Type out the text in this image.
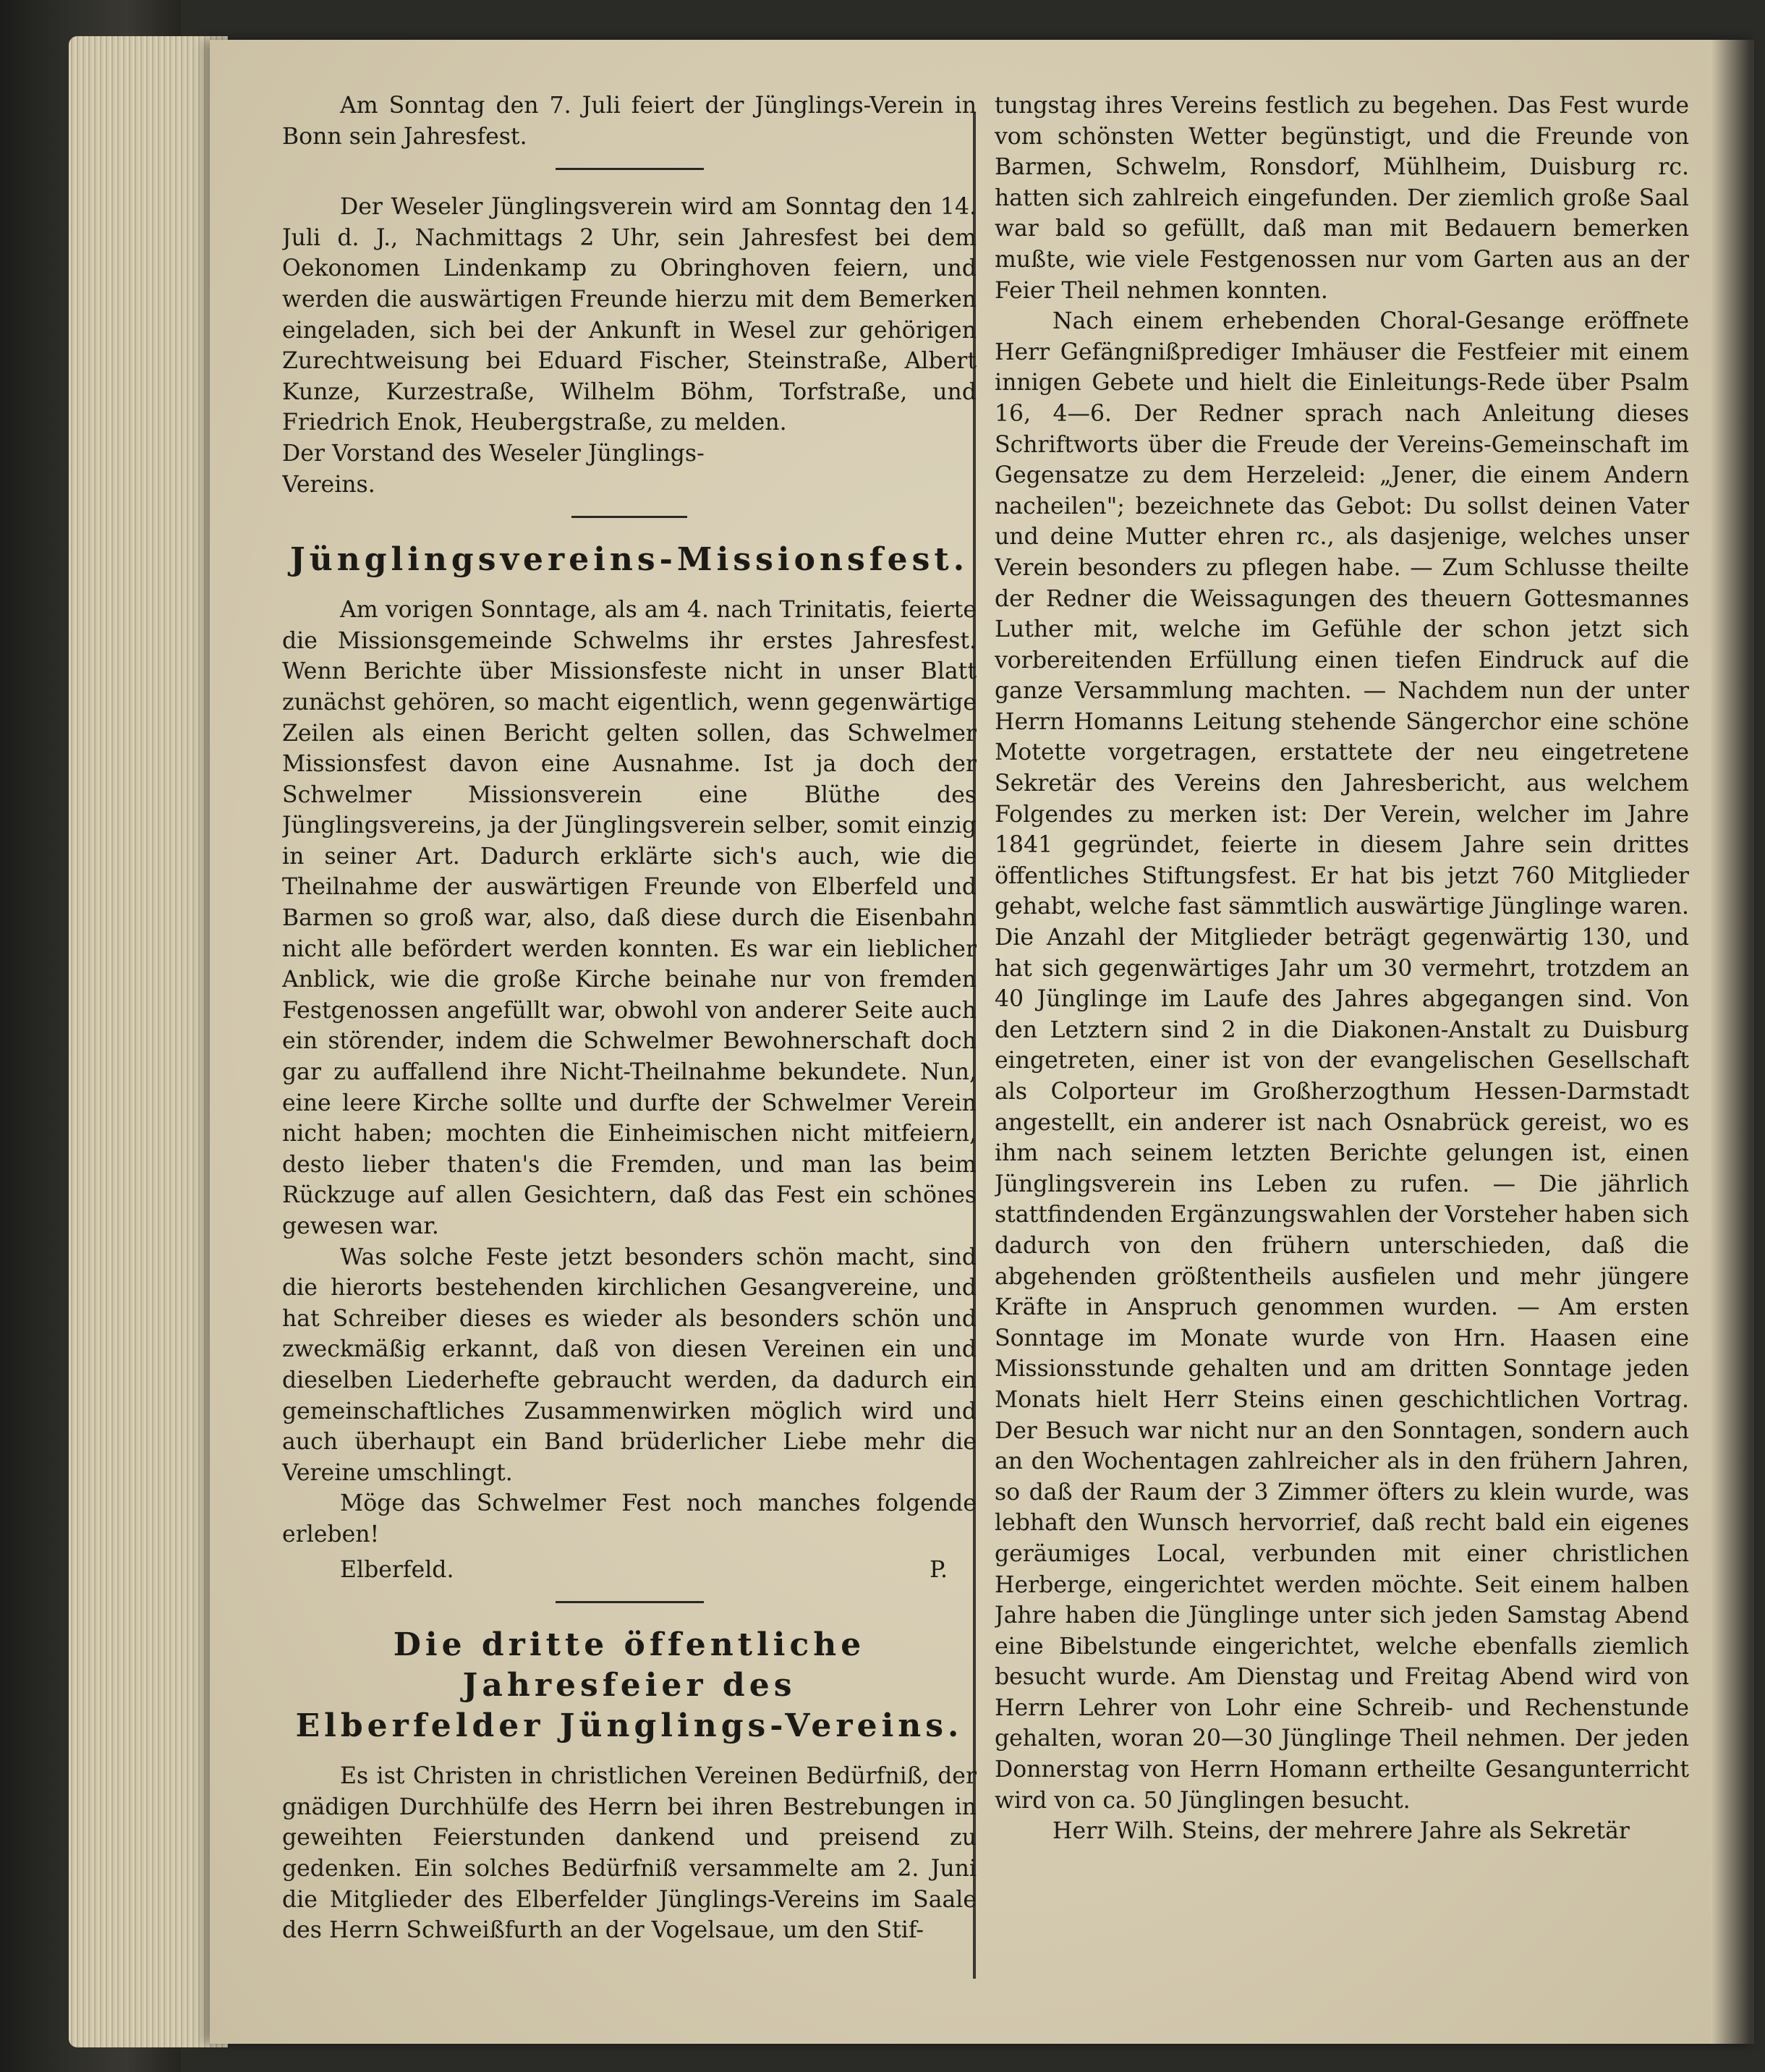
Am Sonntag den 7. Juli feiert der Jünglings-Verein in Bonn sein Jahresfest.

Der Weseler Jünglingsverein wird am Sonntag den 14. Juli d. J., Nachmittags 2 Uhr, sein Jahresfest bei dem Oekonomen Lindenkamp zu Obringhoven feiern, und werden die auswärtigen Freunde hierzu mit dem Bemerken eingeladen, sich bei der Ankunft in Wesel zur gehörigen Zurechtweisung bei Eduard Fischer, Steinstraße, Albert Kunze, Kurzestraße, Wilhelm Böhm, Torfstraße, und Friedrich Enok, Heubergstraße, zu melden.

Der Vorstand des Weseler Jünglings-

Vereins.

Jünglingsvereins-Missionsfest.

Am vorigen Sonntage, als am 4. nach Trinitatis, feierte die Missionsgemeinde Schwelms ihr erstes Jahresfest. Wenn Berichte über Missionsfeste nicht in unser Blatt zunächst gehören, so macht eigentlich, wenn gegenwärtige Zeilen als einen Bericht gelten sollen, das Schwelmer Missionsfest davon eine Ausnahme. Ist ja doch der Schwelmer Missionsverein eine Blüthe des Jünglingsvereins, ja der Jünglingsverein selber, somit einzig in seiner Art. Dadurch erklärte sich's auch, wie die Theilnahme der auswärtigen Freunde von Elberfeld und Barmen so groß war, also, daß diese durch die Eisenbahn nicht alle befördert werden konnten. Es war ein lieblicher Anblick, wie die große Kirche beinahe nur von fremden Festgenossen angefüllt war, obwohl von anderer Seite auch ein störender, indem die Schwelmer Bewohnerschaft doch gar zu auffallend ihre Nicht-Theilnahme bekundete. Nun, eine leere Kirche sollte und durfte der Schwelmer Verein nicht haben; mochten die Einheimischen nicht mitfeiern, desto lieber thaten's die Fremden, und man las beim Rückzuge auf allen Gesichtern, daß das Fest ein schönes gewesen war.

Was solche Feste jetzt besonders schön macht, sind die hierorts bestehenden kirchlichen Gesangvereine, und hat Schreiber dieses es wieder als besonders schön und zweckmäßig erkannt, daß von diesen Vereinen ein und dieselben Liederhefte gebraucht werden, da dadurch ein gemeinschaftliches Zusammenwirken möglich wird und auch überhaupt ein Band brüderlicher Liebe mehr die Vereine umschlingt.

Möge das Schwelmer Fest noch manches folgende erleben!

Elberfeld.	P.
Die dritte öffentliche Jahresfeier des
Elberfelder Jünglings-Vereins.

Es ist Christen in christlichen Vereinen Bedürfniß, der gnädigen Durchhülfe des Herrn bei ihren Bestrebungen in geweihten Feierstunden dankend und preisend zu gedenken. Ein solches Bedürfniß versammelte am 2. Juni die Mitglieder des Elberfelder Jünglings-Vereins im Saale des Herrn Schweißfurth an der Vogelsaue, um den Stif-

tungstag ihres Vereins festlich zu begehen. Das Fest wurde vom schönsten Wetter begünstigt, und die Freunde von Barmen, Schwelm, Ronsdorf, Mühlheim, Duisburg rc. hatten sich zahlreich eingefunden. Der ziemlich große Saal war bald so gefüllt, daß man mit Bedauern bemerken mußte, wie viele Festgenossen nur vom Garten aus an der Feier Theil nehmen konnten.

Nach einem erhebenden Choral-Gesange eröffnete Herr Gefängnißprediger Imhäuser die Festfeier mit einem innigen Gebete und hielt die Einleitungs-Rede über Psalm 16, 4—6. Der Redner sprach nach Anleitung dieses Schriftworts über die Freude der Vereins-Gemeinschaft im Gegensatze zu dem Herzeleid: „Jener, die einem Andern nacheilen"; bezeichnete das Gebot: Du sollst deinen Vater und deine Mutter ehren rc., als dasjenige, welches unser Verein besonders zu pflegen habe. — Zum Schlusse theilte der Redner die Weissagungen des theuern Gottesmannes Luther mit, welche im Gefühle der schon jetzt sich vorbereitenden Erfüllung einen tiefen Eindruck auf die ganze Versammlung machten. — Nachdem nun der unter Herrn Homanns Leitung stehende Sängerchor eine schöne Motette vorgetragen, erstattete der neu eingetretene Sekretär des Vereins den Jahresbericht, aus welchem Folgendes zu merken ist: Der Verein, welcher im Jahre 1841 gegründet, feierte in diesem Jahre sein drittes öffentliches Stiftungsfest. Er hat bis jetzt 760 Mitglieder gehabt, welche fast sämmtlich auswärtige Jünglinge waren. Die Anzahl der Mitglieder beträgt gegenwärtig 130, und hat sich gegenwärtiges Jahr um 30 vermehrt, trotzdem an 40 Jünglinge im Laufe des Jahres abgegangen sind. Von den Letztern sind 2 in die Diakonen-Anstalt zu Duisburg eingetreten, einer ist von der evangelischen Gesellschaft als Colporteur im Großherzogthum Hessen-Darmstadt angestellt, ein anderer ist nach Osnabrück gereist, wo es ihm nach seinem letzten Berichte gelungen ist, einen Jünglingsverein ins Leben zu rufen. — Die jährlich stattfindenden Ergänzungswahlen der Vorsteher haben sich dadurch von den frühern unterschieden, daß die abgehenden größtentheils ausfielen und mehr jüngere Kräfte in Anspruch genommen wurden. — Am ersten Sonntage im Monate wurde von Hrn. Haasen eine Missionsstunde gehalten und am dritten Sonntage jeden Monats hielt Herr Steins einen geschichtlichen Vortrag. Der Besuch war nicht nur an den Sonntagen, sondern auch an den Wochentagen zahlreicher als in den frühern Jahren, so daß der Raum der 3 Zimmer öfters zu klein wurde, was lebhaft den Wunsch hervorrief, daß recht bald ein eigenes geräumiges Local, verbunden mit einer christlichen Herberge, eingerichtet werden möchte. Seit einem halben Jahre haben die Jünglinge unter sich jeden Samstag Abend eine Bibelstunde eingerichtet, welche ebenfalls ziemlich besucht wurde. Am Dienstag und Freitag Abend wird von Herrn Lehrer von Lohr eine Schreib- und Rechenstunde gehalten, woran 20—30 Jünglinge Theil nehmen. Der jeden Donnerstag von Herrn Homann ertheilte Gesangunterricht wird von ca. 50 Jünglingen besucht.

Herr Wilh. Steins, der mehrere Jahre als Sekretär
